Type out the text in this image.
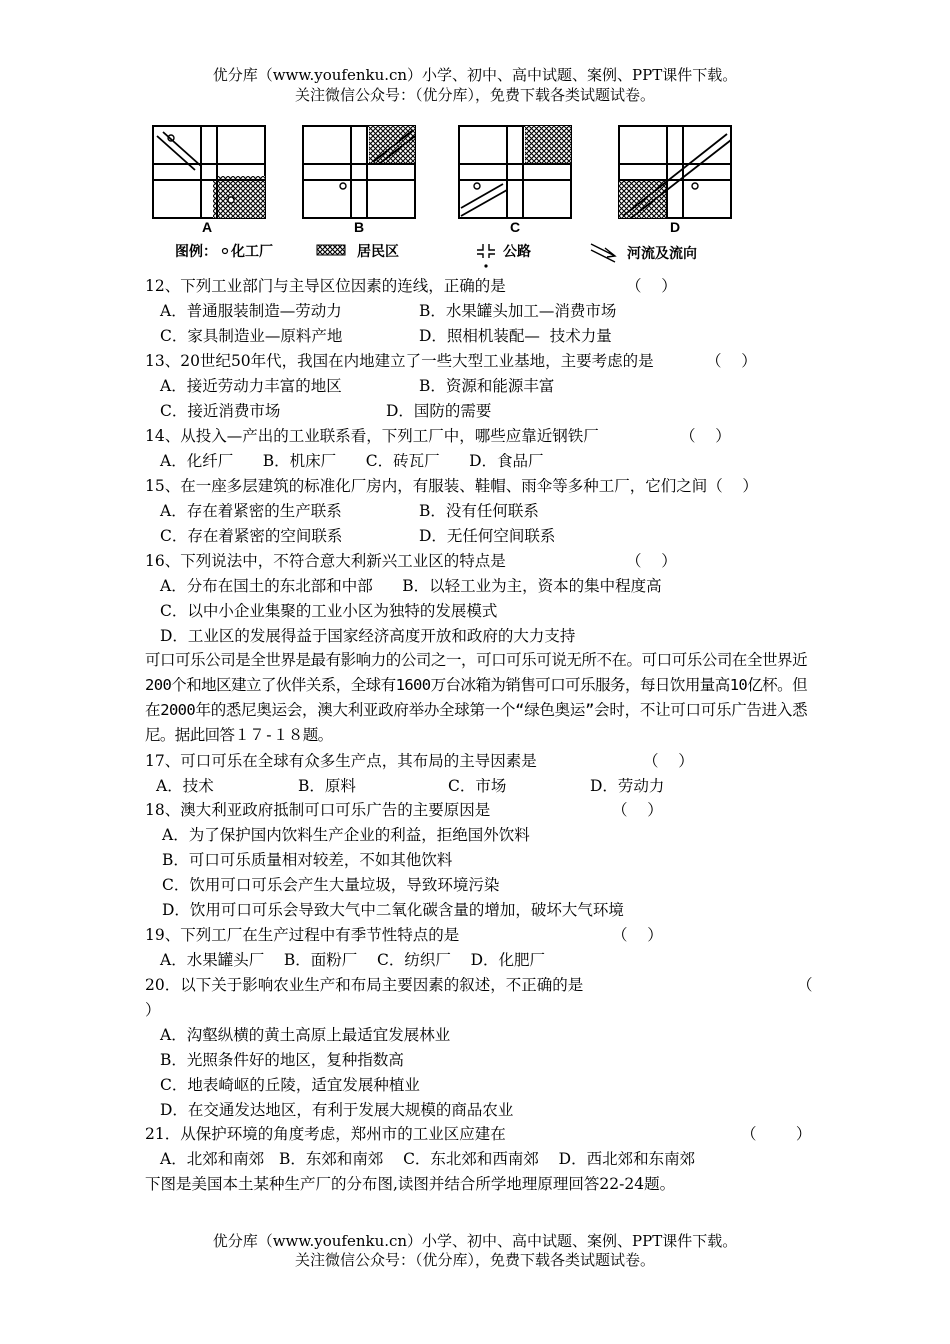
优分库（www.youfenku.cn）小学、初中、高中试题、案例、PPT课件下载。
关注微信公众号：（优分库），免费下载各类试题试卷。
A	B	C	D
图例： 化工厂	居民区	公路	河流及流向
12、下列工业部门与主导区位因素的连线，正确的是	（    ）
A．普通服装制造—劳动力	B．水果罐头加工—消费市场
C．家具制造业—原料产地	D．照相机装配—  技术力量
13、20世纪50年代，我国在内地建立了一些大型工业基地，主要考虑的是	（    ）
A．接近劳动力丰富的地区	B．资源和能源丰富
C．接近消费市场	D．国防的需要
14、从投入—产出的工业联系看，下列工厂中，哪些应靠近钢铁厂	（    ）
A．化纤厂      B．机床厂      C．砖瓦厂      D．食品厂
15、在一座多层建筑的标准化厂房内，有服装、鞋帽、雨伞等多种工厂，它们之间（    ）
A．存在着紧密的生产联系	B．没有任何联系
C．存在着紧密的空间联系	D．无任何空间联系
16、下列说法中，不符合意大利新兴工业区的特点是	（    ）
A．分布在国土的东北部和中部      B．以轻工业为主，资本的集中程度高
C．以中小企业集聚的工业小区为独特的发展模式
D．工业区的发展得益于国家经济高度开放和政府的大力支持
可口可乐公司是全世界是最有影响力的公司之一，可口可乐可说无所不在。可口可乐公司在全世界近200个和地区建立了伙伴关系，全球有1600万台冰箱为销售可口可乐服务，每日饮用量高10亿杯。但在2000年的悉尼奥运会，澳大利亚政府举办全球第一个“绿色奥运”会时，不让可口可乐广告进入悉尼。据此回答１７-１８题。
17、可口可乐在全球有众多生产点，其布局的主导因素是	（    ）
A．技术	B．原料	C．市场	D．劳动力
18、澳大利亚政府抵制可口可乐广告的主要原因是	（    ）
A．为了保护国内饮料生产企业的利益，拒绝国外饮料
B．可口可乐质量相对较差，不如其他饮料
C．饮用可口可乐会产生大量垃圾，导致环境污染
D．饮用可口可乐会导致大气中二氧化碳含量的增加，破坏大气环境
19、下列工厂在生产过程中有季节性特点的是	（    ）
A．水果罐头厂    B．面粉厂    C．纺织厂    D．化肥厂
20．以下关于影响农业生产和布局主要因素的叙述，不正确的是	（
）
A．沟壑纵横的黄土高原上最适宜发展林业
B．光照条件好的地区，复种指数高
C．地表崎岖的丘陵，适宜发展种植业
D．在交通发达地区，有利于发展大规模的商品农业
21．从保护环境的角度考虑，郑州市的工业区应建在	（        ）
A．北郊和南郊   B．东郊和南郊    C．东北郊和西南郊    D．西北郊和东南郊
下图是美国本土某种生产厂的分布图,读图并结合所学地理原理回答22-24题。
优分库（www.youfenku.cn）小学、初中、高中试题、案例、PPT课件下载。
关注微信公众号：（优分库），免费下载各类试题试卷。
